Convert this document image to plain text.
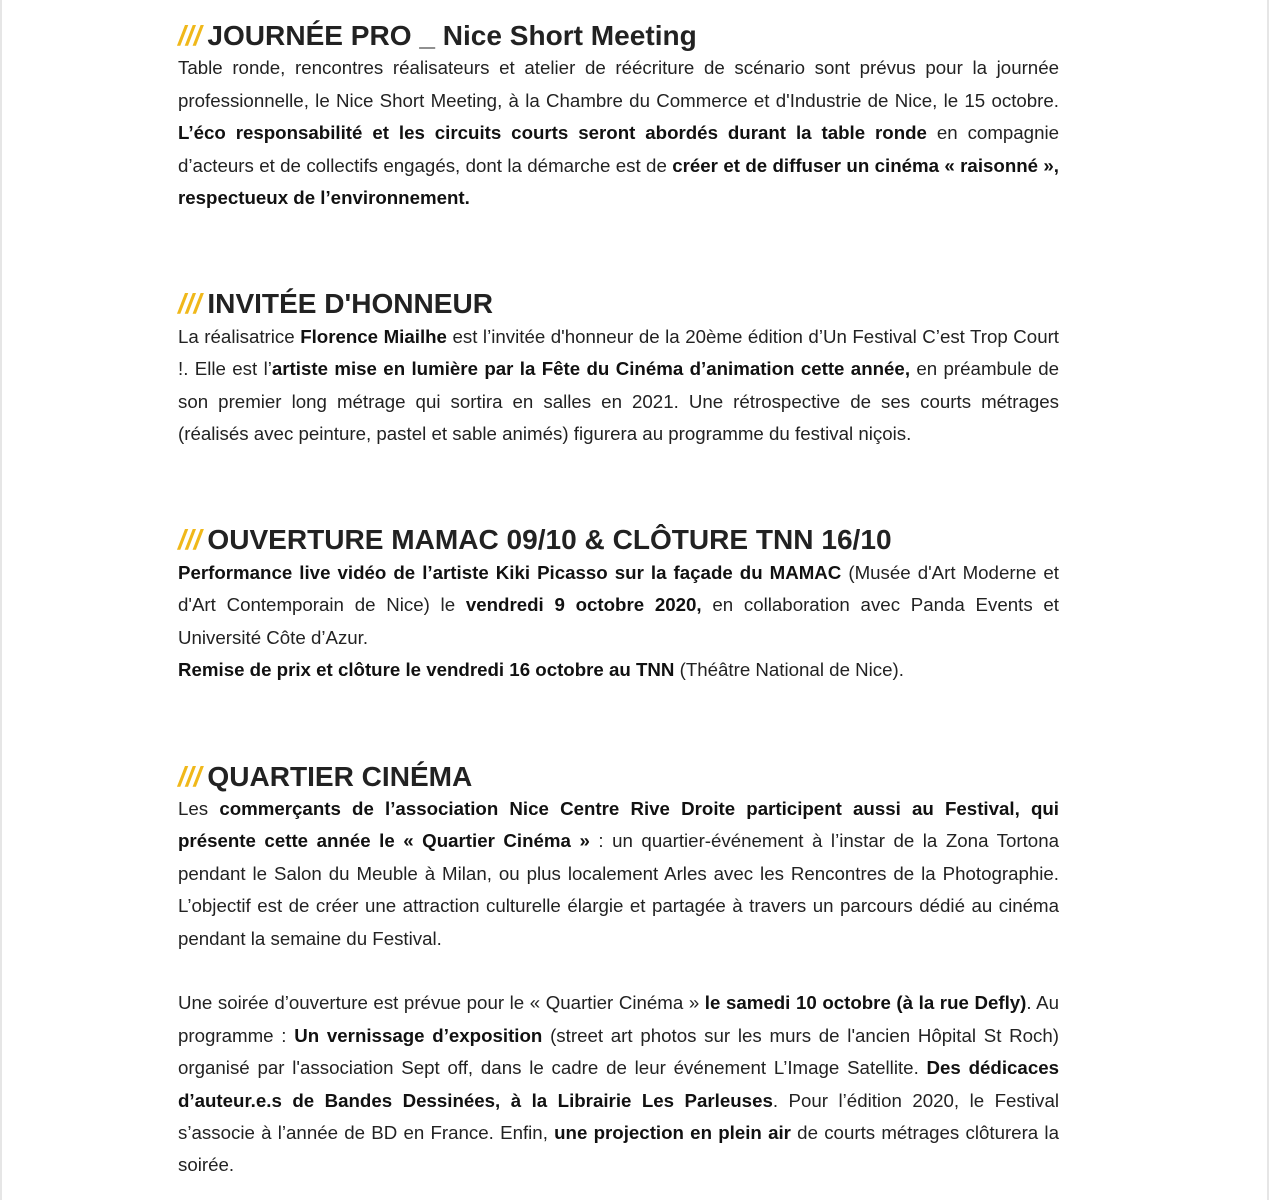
/// JOURNÉE PRO _ Nice Short Meeting

Table ronde, rencontres réalisateurs et atelier de réécriture de scénario sont prévus pour la journée professionnelle, le Nice Short Meeting, à la Chambre du Commerce et d'Industrie de Nice, le 15 octobre. L’éco responsabilité et les circuits courts seront abordés durant la table ronde en compagnie d’acteurs et de collectifs engagés, dont la démarche est de créer et de diffuser un cinéma « raisonné », respectueux de l’environnement.

/// INVITÉE D'HONNEUR

La réalisatrice Florence Miailhe est l’invitée d'honneur de la 20ème édition d’Un Festival C’est Trop Court !. Elle est l’artiste mise en lumière par la Fête du Cinéma d’animation cette année, en préambule de son premier long métrage qui sortira en salles en 2021. Une rétrospective de ses courts métrages (réalisés avec peinture, pastel et sable animés) figurera au programme du festival niçois.

/// OUVERTURE MAMAC 09/10 & CLÔTURE TNN 16/10

Performance live vidéo de l’artiste Kiki Picasso sur la façade du MAMAC (Musée d'Art Moderne et d'Art Contemporain de Nice) le vendredi 9 octobre 2020, en collaboration avec Panda Events et Université Côte d’Azur.

Remise de prix et clôture le vendredi 16 octobre au TNN (Théâtre National de Nice).

/// QUARTIER CINÉMA

Les commerçants de l’association Nice Centre Rive Droite participent aussi au Festival, qui présente cette année le « Quartier Cinéma » : un quartier-événement à l’instar de la Zona Tortona pendant le Salon du Meuble à Milan, ou plus localement Arles avec les Rencontres de la Photographie. L’objectif est de créer une attraction culturelle élargie et partagée à travers un parcours dédié au cinéma pendant la semaine du Festival.

Une soirée d’ouverture est prévue pour le « Quartier Cinéma » le samedi 10 octobre (à la rue Defly). Au programme : Un vernissage d’exposition (street art photos sur les murs de l'ancien Hôpital St Roch) organisé par l'association Sept off, dans le cadre de leur événement L’Image Satellite. Des dédicaces d’auteur.e.s de Bandes Dessinées, à la Librairie Les Parleuses. Pour l’édition 2020, le Festival s’associe à l’année de BD en France. Enfin, une projection en plein air de courts métrages clôturera la soirée.
